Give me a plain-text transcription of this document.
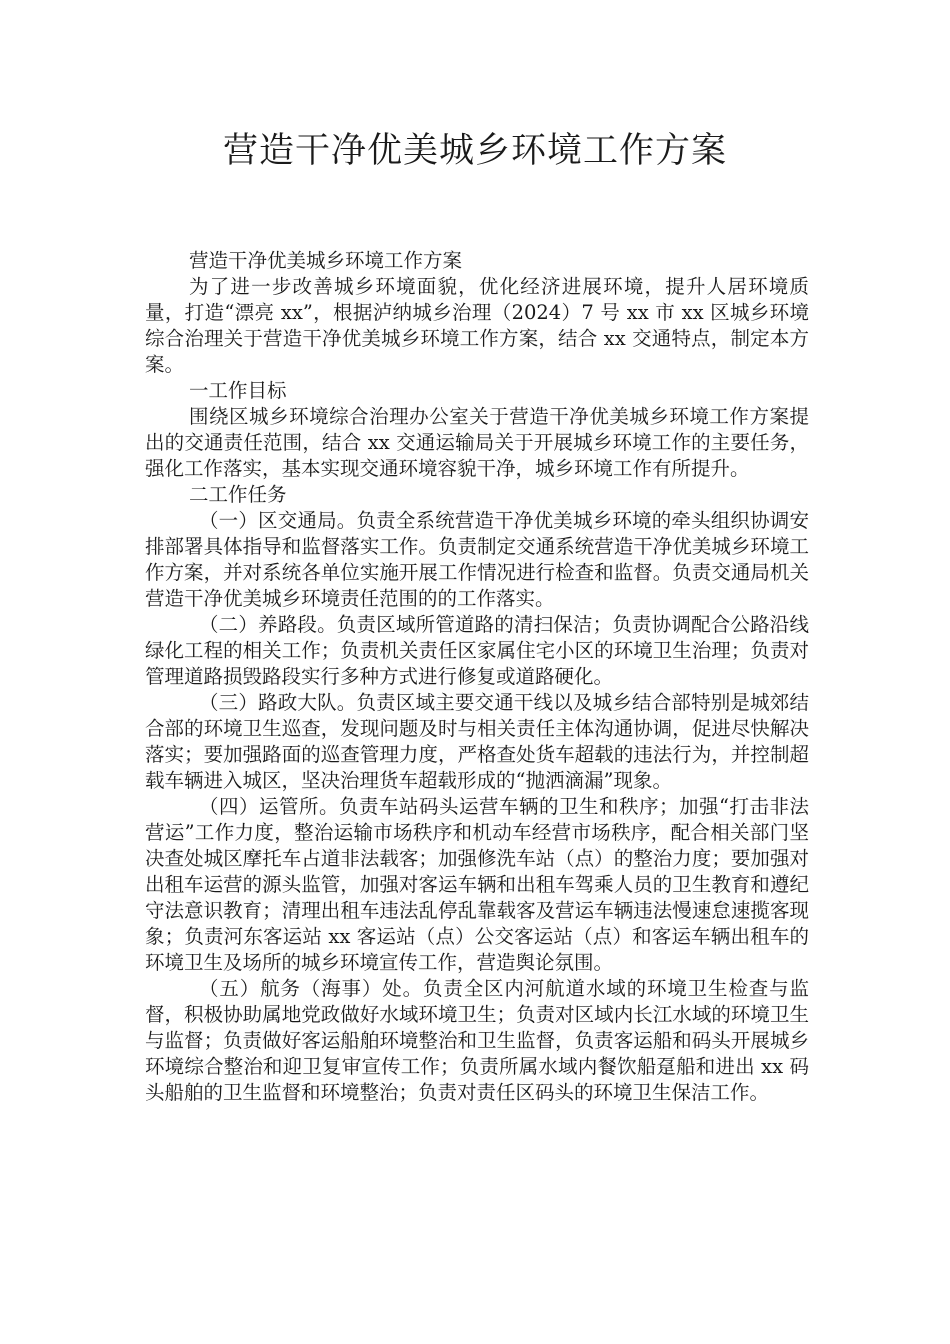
营造干净优美城乡环境工作方案

营造干净优美城乡环境工作方案

为了进一步改善城乡环境面貌，优化经济进展环境，提升人居环境质量，打造“漂亮 xx”，根据泸纳城乡治理（2024）7 号 xx 市 xx 区城乡环境综合治理关于营造干净优美城乡环境工作方案，结合 xx 交通特点，制定本方案。

一工作目标

围绕区城乡环境综合治理办公室关于营造干净优美城乡环境工作方案提出的交通责任范围，结合 xx 交通运输局关于开展城乡环境工作的主要任务，强化工作落实，基本实现交通环境容貌干净，城乡环境工作有所提升。

二工作任务

（一）区交通局。负责全系统营造干净优美城乡环境的牵头组织协调安排部署具体指导和监督落实工作。负责制定交通系统营造干净优美城乡环境工作方案，并对系统各单位实施开展工作情况进行检查和监督。负责交通局机关营造干净优美城乡环境责任范围的的工作落实。

（二）养路段。负责区域所管道路的清扫保洁；负责协调配合公路沿线绿化工程的相关工作；负责机关责任区家属住宅小区的环境卫生治理；负责对管理道路损毁路段实行多种方式进行修复或道路硬化。

（三）路政大队。负责区域主要交通干线以及城乡结合部特别是城郊结合部的环境卫生巡查，发现问题及时与相关责任主体沟通协调，促进尽快解决落实；要加强路面的巡查管理力度，严格查处货车超载的违法行为，并控制超载车辆进入城区，坚决治理货车超载形成的“抛洒滴漏”现象。

（四）运管所。负责车站码头运营车辆的卫生和秩序；加强“打击非法营运”工作力度，整治运输市场秩序和机动车经营市场秩序，配合相关部门坚决查处城区摩托车占道非法载客；加强修洗车站（点）的整治力度；要加强对出租车运营的源头监管，加强对客运车辆和出租车驾乘人员的卫生教育和遵纪守法意识教育；清理出租车违法乱停乱靠载客及营运车辆违法慢速怠速揽客现象；负责河东客运站 xx 客运站（点）公交客运站（点）和客运车辆出租车的环境卫生及场所的城乡环境宣传工作，营造舆论氛围。

（五）航务（海事）处。负责全区内河航道水域的环境卫生检查与监督，积极协助属地党政做好水域环境卫生；负责对区域内长江水域的环境卫生与监督；负责做好客运船舶环境整治和卫生监督，负责客运船和码头开展城乡环境综合整治和迎卫复审宣传工作；负责所属水域内餐饮船趸船和进出 xx 码头船舶的卫生监督和环境整治；负责对责任区码头的环境卫生保洁工作。
